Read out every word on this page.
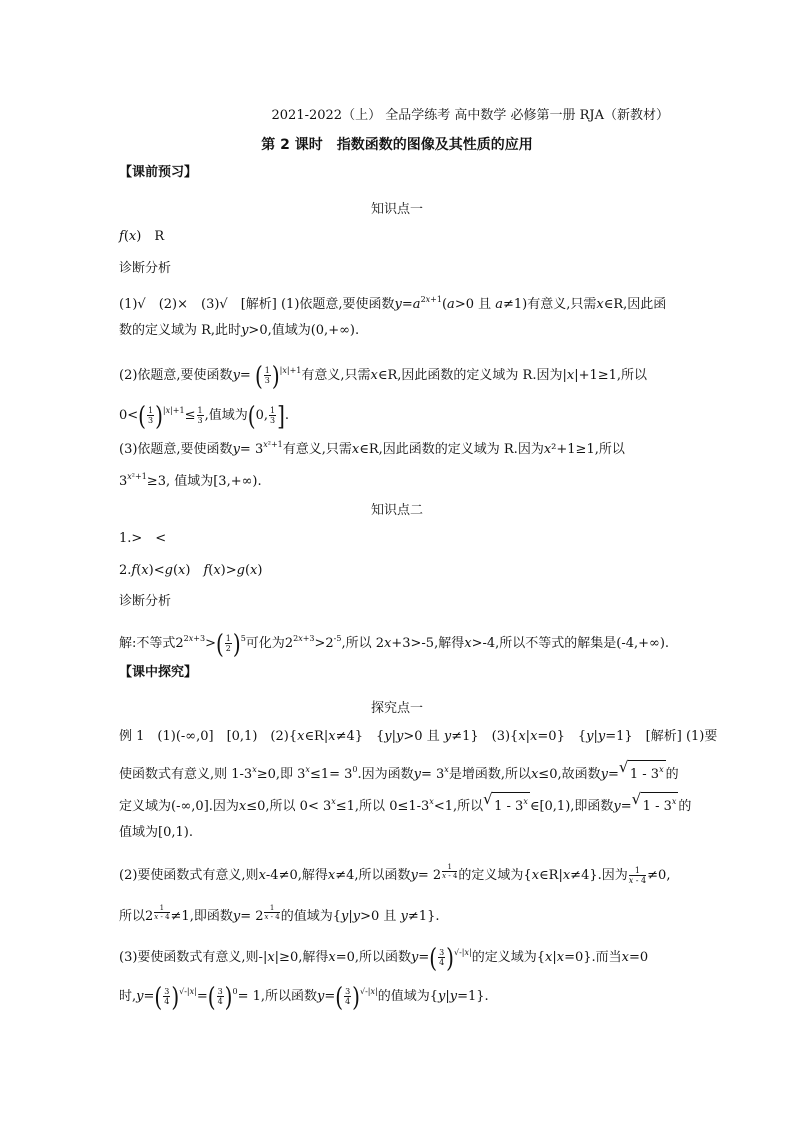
2021-2022（上） 全品学练考 高中数学 必修第一册 RJA（新教材）
第 2 课时　指数函数的图像及其性质的应用
【课前预习】
知识点一
f(x)　R
诊断分析
(1)√　(2)×　(3)√　[解析] (1)依题意,要使函数$y=a^{2x+1}(a>0$ 且 a≠1)有意义,只需x∈R,因此函
数的定义域为 R,此时y>0,值域为(0,+∞).
(2)依题意,要使函数y= ( $\frac{1}{3} )^{|x|+1}$有意义,只需x∈R,因此函数的定义域为 R.因为|x|+1≥1,所以
$0<( \frac{1}{3} )^{|x|+1}\le \frac{1}{3}$ ,值域为(0, $\frac{1}{3}$ ].
(3)依题意,要使函数$y= 3^{x^2+1}$有意义,只需x∈R,因此函数的定义域为 R.因为x²+1≥1,所以
$3^{x^2+1}\ge 3$, 值域为[3,+∞).
知识点二
1.>　<
2.f(x)<g(x)　f(x)>g(x)
诊断分析
解:不等式$2^{2x+3}>( \frac{1}{2} )^5$可化为$2^{2x+3}>2^{-5}$,所以 2x+3>-5,解得x>-4,所以不等式的解集是(-4,+∞).
【课中探究】
探究点一
例 1　(1)(-∞,0]　[0,1)　(2){x∈R|x≠4}　{y|y>0 且 y≠1}　(3){x|x=0}　{y|y=1}　[解析] (1)要
使函数式有意义,则 $1-3^x\ge 0$,即 $3^x\le 1= 3^0$.因为函数$y= 3^x$是增函数,所以x≤0,故函数y= √ 1 - 3$^x$ 的
定义域为(-∞,0].因为x≤0,所以 $0< 3^x\le 1$,所以 $0\le 1-3^x<1$,所以 √ 1 - 3$^x$ ∈[0,1),即函数y= √ 1 - 3$^x$ 的
值域为[0,1).
(2)要使函数式有意义,则x-4≠0,解得x≠4,所以函数y= 2 $^{\frac{1}{x - 4}}$ 的定义域为{x∈R|x≠4}.因为 $\frac{1}{x - 4} \ne 0$,
所以2 $^{\frac{1}{x - 4}}$ ≠1,即函数y= 2 $^{\frac{1}{x - 4}}$ 的值域为{y|y>0 且 y≠1}.
(3)要使函数式有意义,则-|x|≥0,解得x=0,所以函数$y=( \frac{3}{4} )^{√-|x|}$的定义域为{x|x=0}.而当x=0
时$,y=( \frac{3}{4} )^{√-|x|}=( \frac{3}{4} )^0= 1$,所以函数$y=( \frac{3}{4} )^{√-|x|}$的值域为{y|y=1}.
